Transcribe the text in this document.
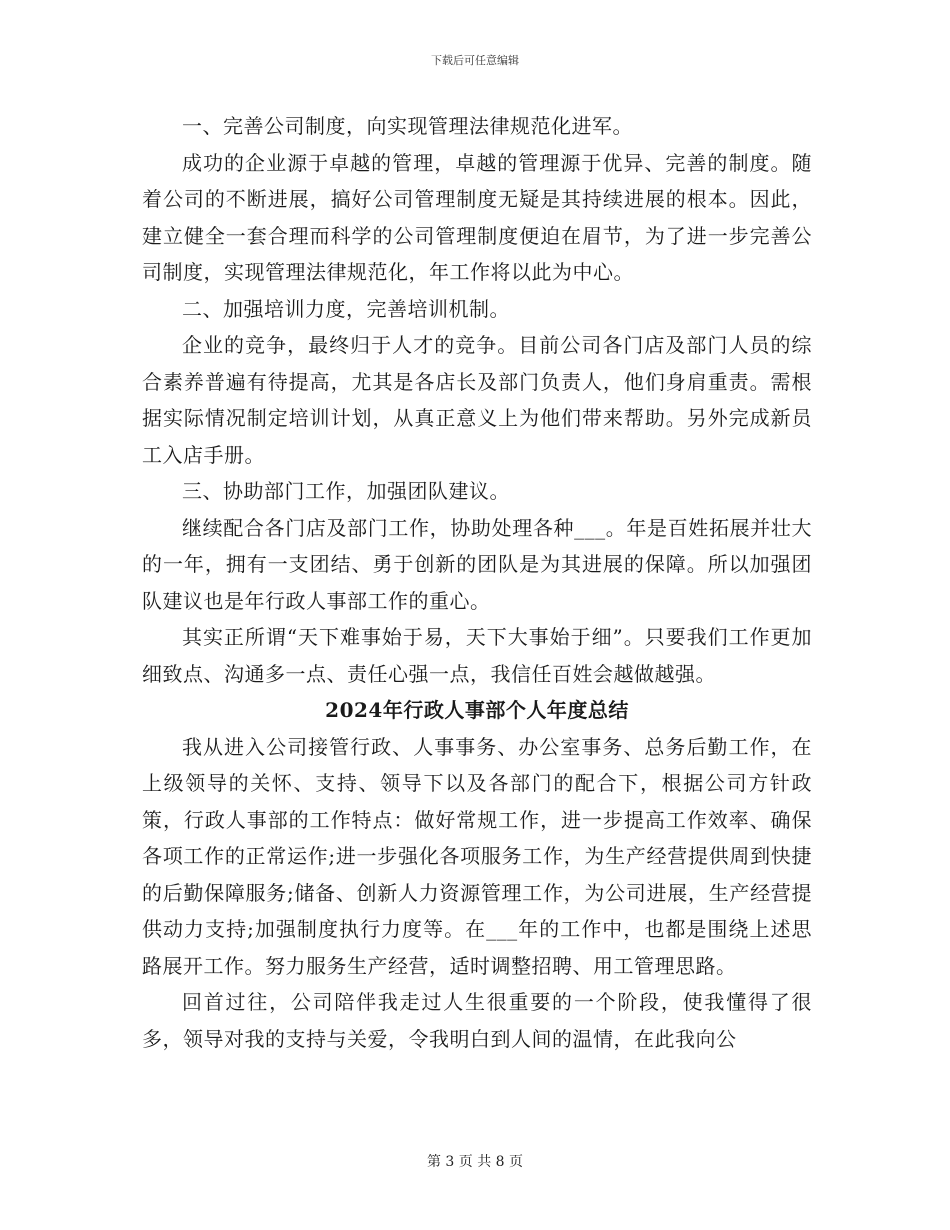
下载后可任意编辑

一、完善公司制度，向实现管理法律规范化进军。

成功的企业源于卓越的管理，卓越的管理源于优异、完善的制度。随着公司的不断进展，搞好公司管理制度无疑是其持续进展的根本。因此，建立健全一套合理而科学的公司管理制度便迫在眉节，为了进一步完善公司制度，实现管理法律规范化，年工作将以此为中心。

二、加强培训力度，完善培训机制。

企业的竞争，最终归于人才的竞争。目前公司各门店及部门人员的综合素养普遍有待提高，尤其是各店长及部门负责人，他们身肩重责。需根据实际情况制定培训计划，从真正意义上为他们带来帮助。另外完成新员工入店手册。

三、协助部门工作，加强团队建议。

继续配合各门店及部门工作，协助处理各种___。年是百姓拓展并壮大的一年，拥有一支团结、勇于创新的团队是为其进展的保障。所以加强团队建议也是年行政人事部工作的重心。

其实正所谓“天下难事始于易，天下大事始于细”。只要我们工作更加细致点、沟通多一点、责任心强一点，我信任百姓会越做越强。

2024年行政人事部个人年度总结

我从进入公司接管行政、人事事务、办公室事务、总务后勤工作，在上级领导的关怀、支持、领导下以及各部门的配合下，根据公司方针政策，行政人事部的工作特点：做好常规工作，进一步提高工作效率、确保各项工作的正常运作;进一步强化各项服务工作，为生产经营提供周到快捷的后勤保障服务;储备、创新人力资源管理工作，为公司进展，生产经营提供动力支持;加强制度执行力度等。在___年的工作中，也都是围绕上述思路展开工作。努力服务生产经营，适时调整招聘、用工管理思路。

回首过往，公司陪伴我走过人生很重要的一个阶段，使我懂得了很多，领导对我的支持与关爱，令我明白到人间的温情，在此我向公

第 3 页 共 8 页
